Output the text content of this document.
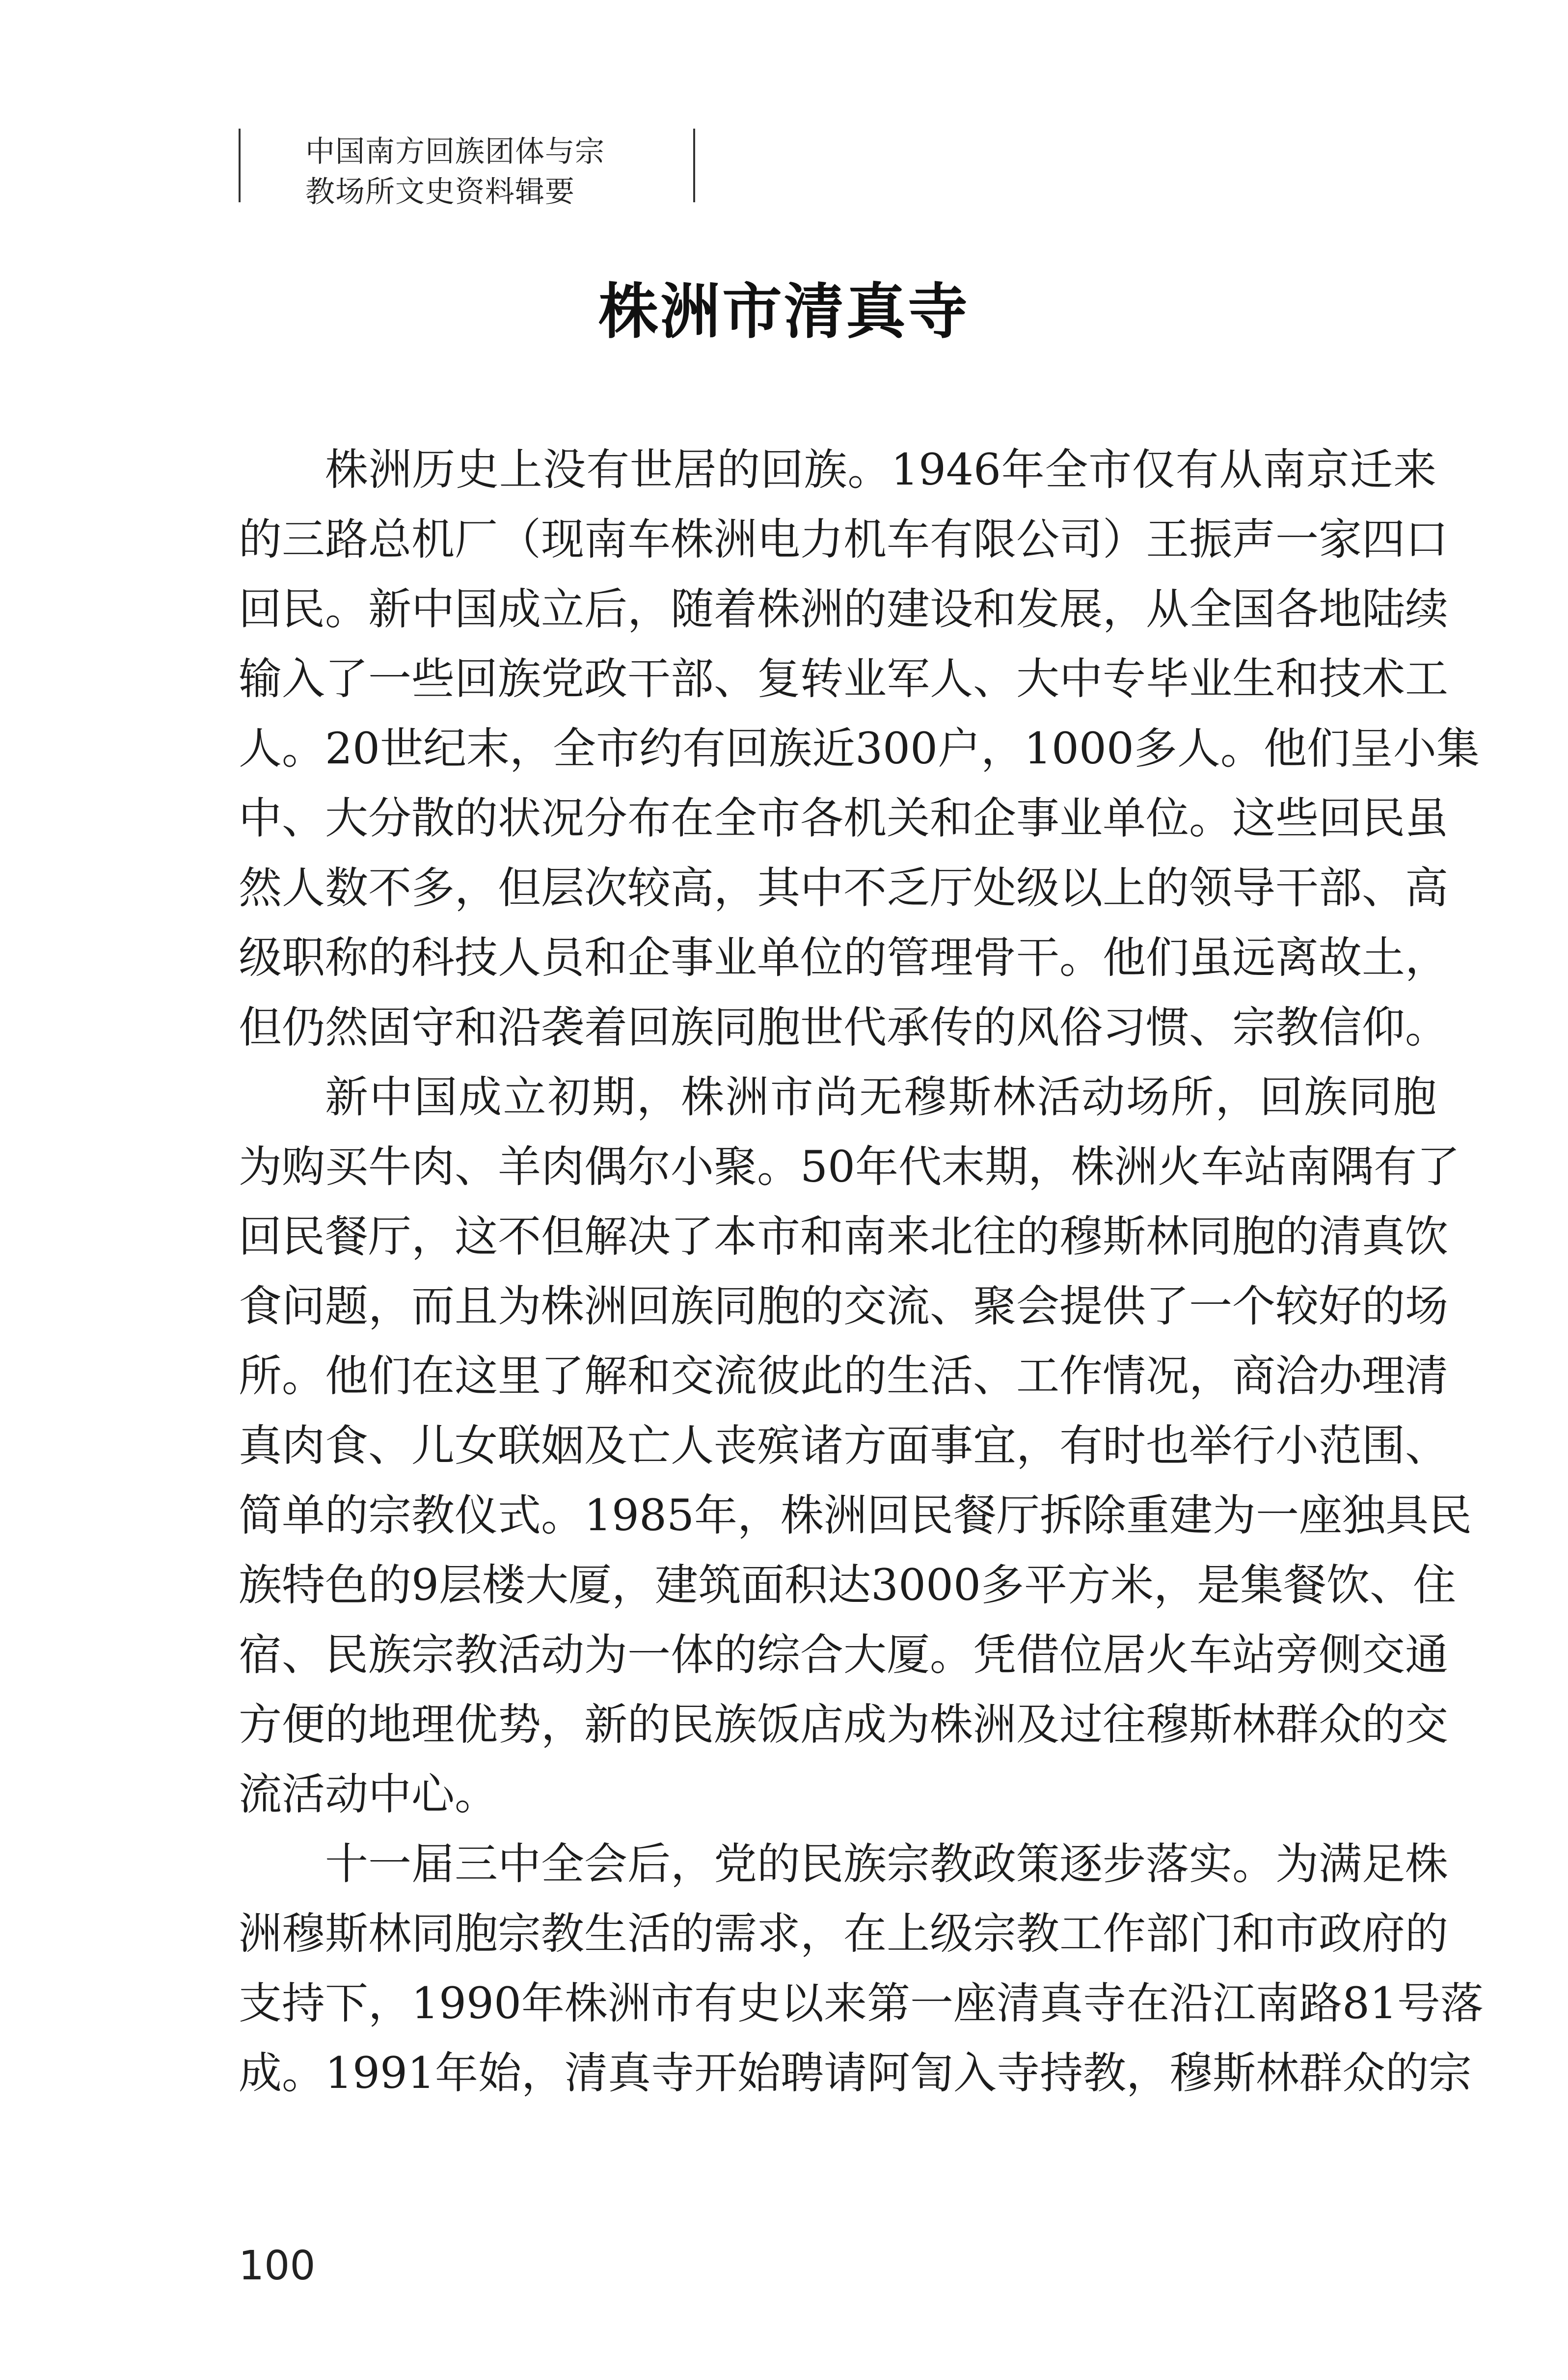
中国南方回族团体与宗
教场所文史资料辑要
株洲市清真寺
株洲历史上没有世居的回族。1946年全市仅有从南京迁来
的三路总机厂（现南车株洲电力机车有限公司）王振声一家四口
回民。新中国成立后，随着株洲的建设和发展，从全国各地陆续
输入了一些回族党政干部、复转业军人、大中专毕业生和技术工
人。20世纪末，全市约有回族近300户，1000多人。他们呈小集
中、大分散的状况分布在全市各机关和企事业单位。这些回民虽
然人数不多，但层次较高，其中不乏厅处级以上的领导干部、高
级职称的科技人员和企事业单位的管理骨干。他们虽远离故土，
但仍然固守和沿袭着回族同胞世代承传的风俗习惯、宗教信仰。
新中国成立初期，株洲市尚无穆斯林活动场所，回族同胞
为购买牛肉、羊肉偶尔小聚。50年代末期，株洲火车站南隅有了
回民餐厅，这不但解决了本市和南来北往的穆斯林同胞的清真饮
食问题，而且为株洲回族同胞的交流、聚会提供了一个较好的场
所。他们在这里了解和交流彼此的生活、工作情况，商洽办理清
真肉食、儿女联姻及亡人丧殡诸方面事宜，有时也举行小范围、
简单的宗教仪式。1985年，株洲回民餐厅拆除重建为一座独具民
族特色的9层楼大厦，建筑面积达3000多平方米，是集餐饮、住
宿、民族宗教活动为一体的综合大厦。凭借位居火车站旁侧交通
方便的地理优势，新的民族饭店成为株洲及过往穆斯林群众的交
流活动中心。
十一届三中全会后，党的民族宗教政策逐步落实。为满足株
洲穆斯林同胞宗教生活的需求，在上级宗教工作部门和市政府的
支持下，1990年株洲市有史以来第一座清真寺在沿江南路81号落
成。1991年始，清真寺开始聘请阿訇入寺持教，穆斯林群众的宗
100
